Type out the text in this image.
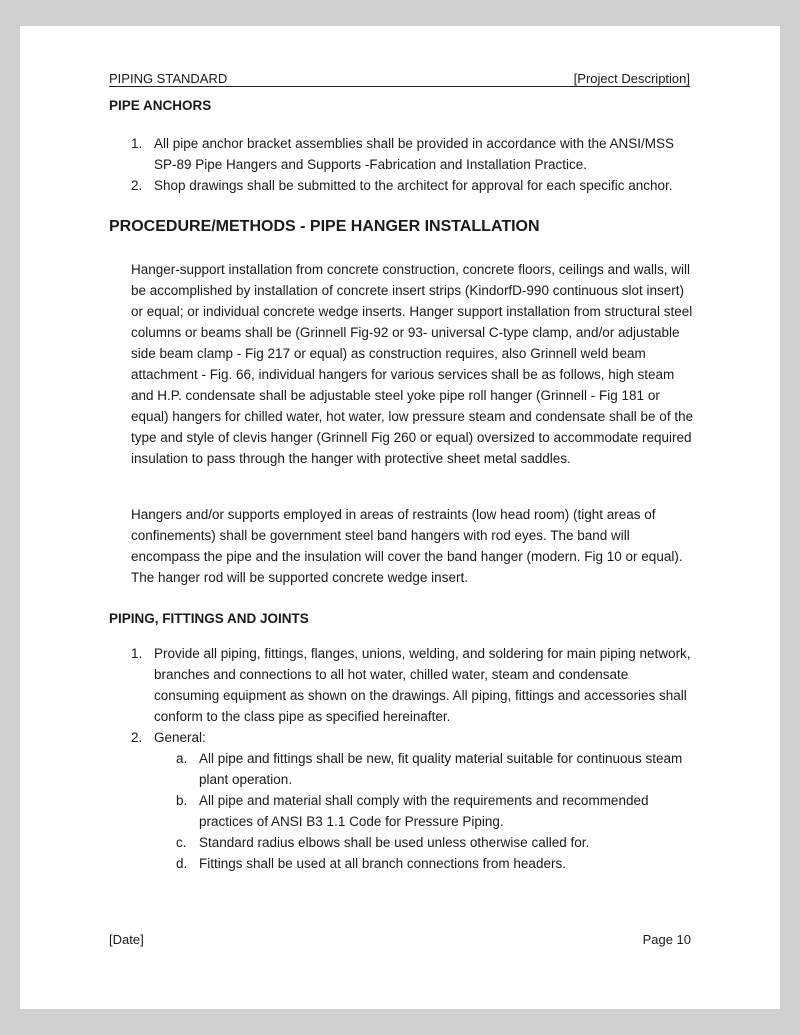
PIPING STANDARD	[Project Description]
PIPE ANCHORS
1. All pipe anchor bracket assemblies shall be provided in accordance with the ANSI/MSS SP-89 Pipe Hangers and Supports -Fabrication and Installation Practice.
2. Shop drawings shall be submitted to the architect for approval for each specific anchor.
PROCEDURE/METHODS - PIPE HANGER INSTALLATION

Hanger-support installation from concrete construction, concrete floors, ceilings and walls, will be accomplished by installation of concrete insert strips (KindorfD-990 continuous slot insert) or equal; or individual concrete wedge inserts. Hanger support installation from structural steel columns or beams shall be (Grinnell Fig-92 or 93- universal C-type clamp, and/or adjustable side beam clamp - Fig 217 or equal) as construction requires, also Grinnell weld beam attachment - Fig. 66, individual hangers for various services shall be as follows, high steam and H.P. condensate shall be adjustable steel yoke pipe roll hanger (Grinnell - Fig 181 or equal) hangers for chilled water, hot water, low pressure steam and condensate shall be of the type and style of clevis hanger (Grinnell Fig 260 or equal) oversized to accommodate required insulation to pass through the hanger with protective sheet metal saddles.

Hangers and/or supports employed in areas of restraints (low head room) (tight areas of confinements) shall be government steel band hangers with rod eyes. The band will encompass the pipe and the insulation will cover the band hanger (modern. Fig 10 or equal). The hanger rod will be supported concrete wedge insert.

PIPING, FITTINGS AND JOINTS
1. Provide all piping, fittings, flanges, unions, welding, and soldering for main piping network, branches and connections to all hot water, chilled water, steam and condensate consuming equipment as shown on the drawings. All piping, fittings and accessories shall conform to the class pipe as specified hereinafter.
2. General:
a. All pipe and fittings shall be new, fit quality material suitable for continuous steam plant operation.
b. All pipe and material shall comply with the requirements and recommended practices of ANSI B3 1.1 Code for Pressure Piping.
c. Standard radius elbows shall be used unless otherwise called for.
d. Fittings shall be used at all branch connections from headers.
[Date]	Page 10
